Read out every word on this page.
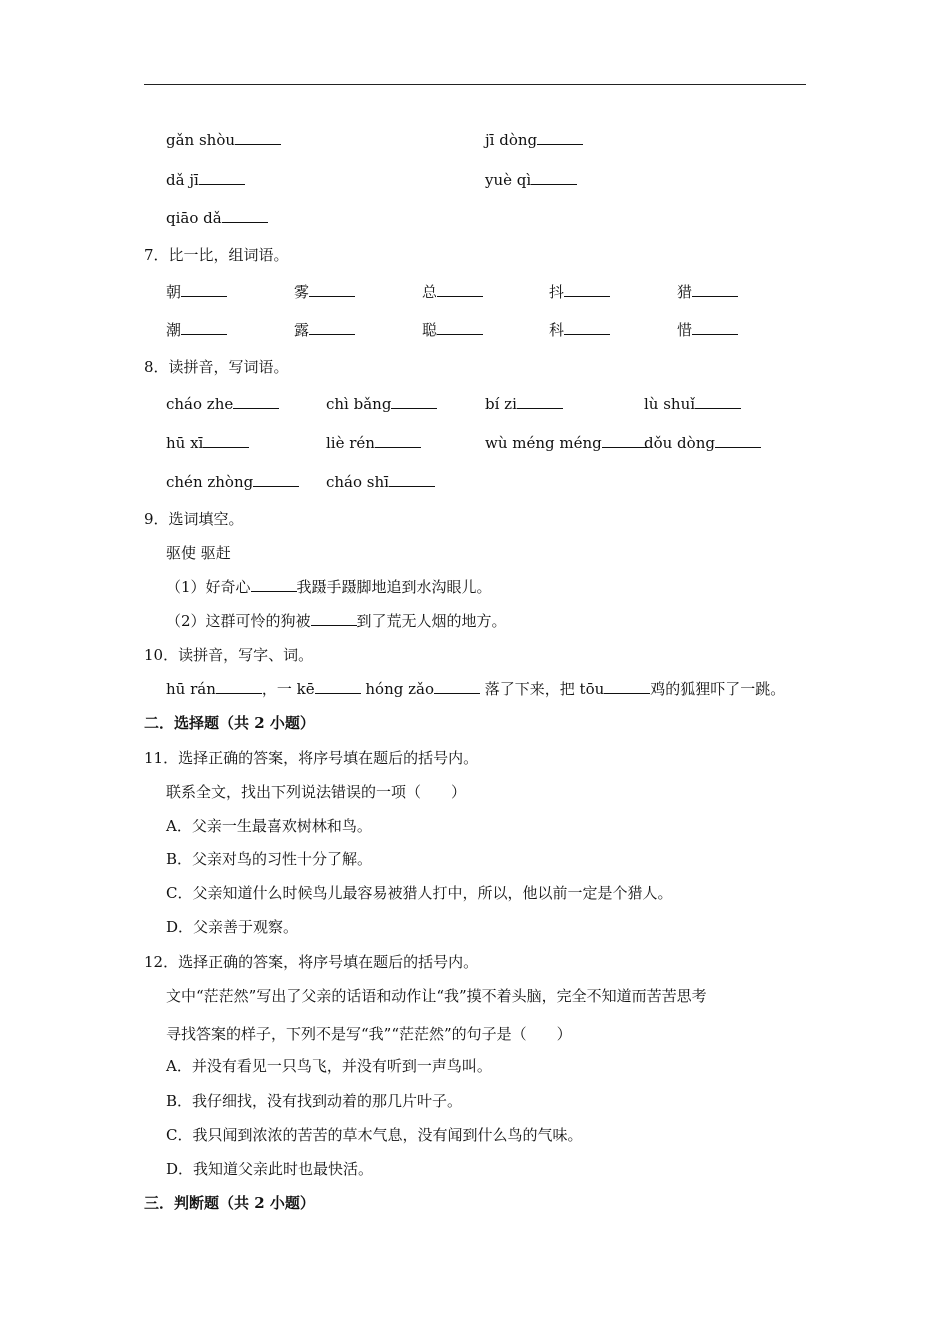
gǎn shòu	jī dòng
dǎ jī	yuè qì
qiāo dǎ
7．比一比，组词语。
朝	雾	总	抖	猎
潮	露	聪	科	惜
8．读拼音，写词语。
cháo zhe	chì bǎng	bí zi	lù shuǐ
hū xī	liè rén	wù méng méng	dǒu dòng
chén zhòng	cháo shī
9．选词填空。
驱使 驱赶
（1）好奇心	我蹑手蹑脚地追到水沟眼儿。
（2）这群可怜的狗被	到了荒无人烟的地方。
10．读拼音，写字、词。
hū rán	，一 kē	hóng zǎo	落了下来，把 tōu	鸡的狐狸吓了一跳。
二．选择题（共 2 小题）
11．选择正确的答案，将序号填在题后的括号内。
联系全文，找出下列说法错误的一项（　　）
A．父亲一生最喜欢树林和鸟。
B．父亲对鸟的习性十分了解。
C．父亲知道什么时候鸟儿最容易被猎人打中，所以，他以前一定是个猎人。
D．父亲善于观察。
12．选择正确的答案，将序号填在题后的括号内。
文中“茫茫然”写出了父亲的话语和动作让“我”摸不着头脑，完全不知道而苦苦思考
寻找答案的样子，下列不是写“我”“茫茫然”的句子是（　　）
A．并没有看见一只鸟飞，并没有听到一声鸟叫。
B．我仔细找，没有找到动着的那几片叶子。
C．我只闻到浓浓的苦苦的草木气息，没有闻到什么鸟的气味。
D．我知道父亲此时也最快活。
三．判断题（共 2 小题）
